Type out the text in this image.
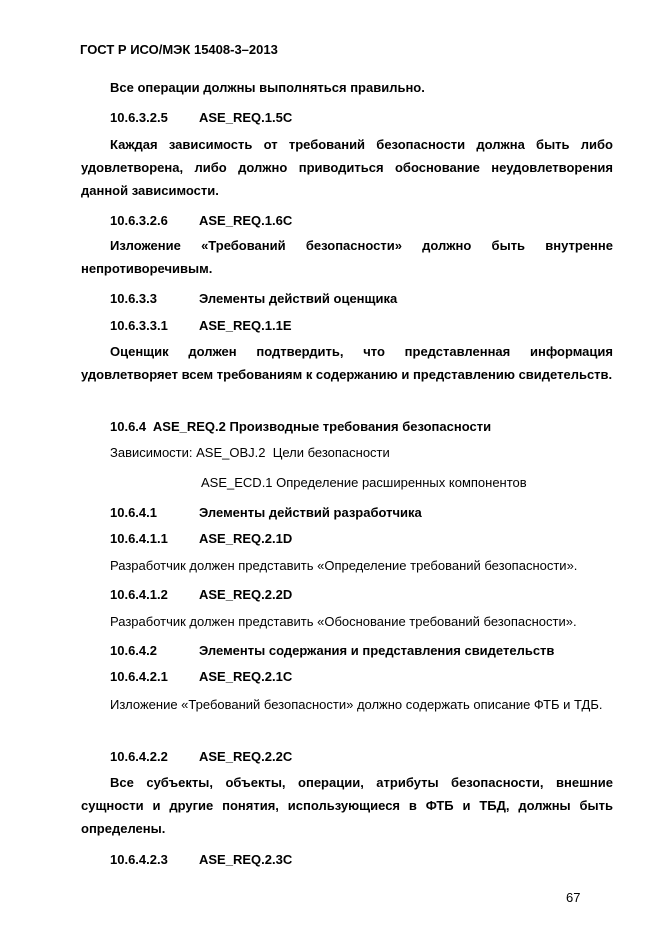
ГОСТ Р ИСО/МЭК 15408-3–2013
Все операции должны выполняться правильно.
10.6.3.2.5 ASE_REQ.1.5C
Каждая зависимость от требований безопасности должна быть либо удовлетворена, либо должно приводиться обоснование неудовлетворения данной зависимости.
10.6.3.2.6 ASE_REQ.1.6C
Изложение «Требований безопасности» должно быть внутренне непротиворечивым.
10.6.3.3	Элементы действий оценщика
10.6.3.3.1 ASE_REQ.1.1E
Оценщик должен подтвердить, что представленная информация удовлетворяет всем требованиям к содержанию и представлению свидетельств.
10.6.4  ASE_REQ.2 Производные требования безопасности
Зависимости: ASE_OBJ.2  Цели безопасности
ASE_ECD.1 Определение расширенных компонентов
10.6.4.1	Элементы действий разработчика
10.6.4.1.1 ASE_REQ.2.1D
Разработчик должен представить «Определение требований безопасности».
10.6.4.1.2 ASE_REQ.2.2D
Разработчик должен представить «Обоснование требований безопасности».
10.6.4.2	Элементы содержания и представления свидетельств
10.6.4.2.1 ASE_REQ.2.1C
Изложение «Требований безопасности» должно содержать описание ФТБ и ТДБ.
10.6.4.2.2 ASE_REQ.2.2C
Все субъекты, объекты, операции, атрибуты безопасности, внешние сущности и другие понятия, использующиеся в ФТБ и ТБД, должны быть определены.
10.6.4.2.3 ASE_REQ.2.3C
67
